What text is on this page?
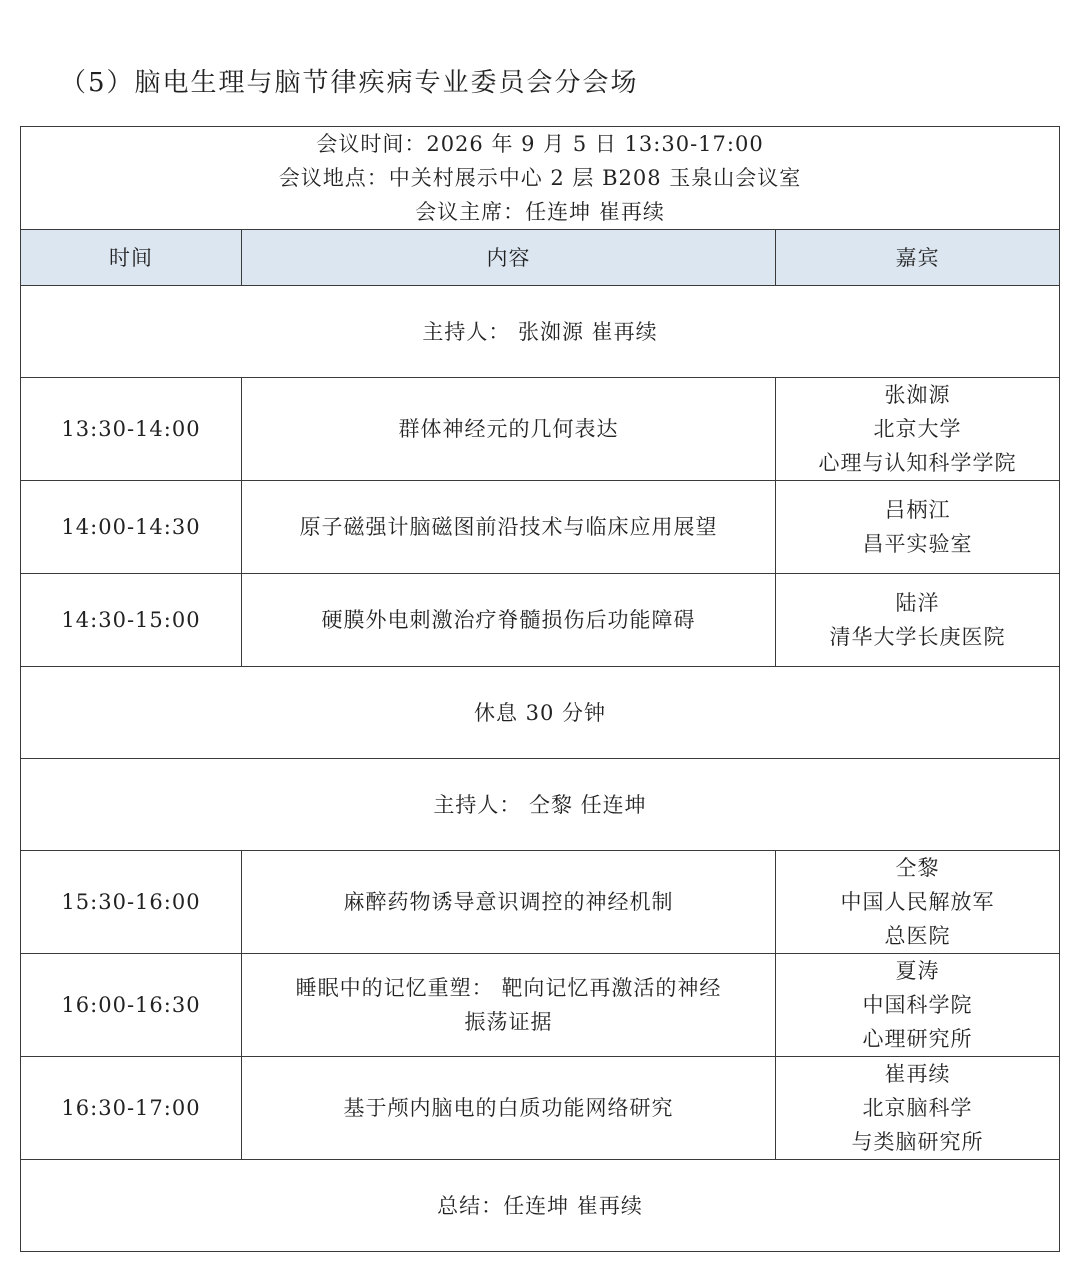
（5）脑电生理与脑节律疾病专业委员会分会场
会议时间：2026 年 9 月 5 日 13:30-17:00
会议地点：中关村展示中心 2 层 B208 玉泉山会议室
会议主席：任连坤 崔再续		

时间	内容	嘉宾
主持人： 张洳源 崔再续		
13:30-14:00	群体神经元的几何表达	张洳源
北京大学
心理与认知科学学院

14:00-14:30	原子磁强计脑磁图前沿技术与临床应用展望	吕柄江
昌平实验室

14:30-15:00	硬膜外电刺激治疗脊髓损伤后功能障碍	陆洋
清华大学长庚医院

休息 30 分钟		
主持人： 仝黎 任连坤		
15:30-16:00	麻醉药物诱导意识调控的神经机制	仝黎
中国人民解放军
总医院

16:00-16:30	睡眠中的记忆重塑： 靶向记忆再激活的神经
振荡证据	夏涛
中国科学院
心理研究所

16:30-17:00	基于颅内脑电的白质功能网络研究	崔再续
北京脑科学
与类脑研究所

总结：任连坤 崔再续		
